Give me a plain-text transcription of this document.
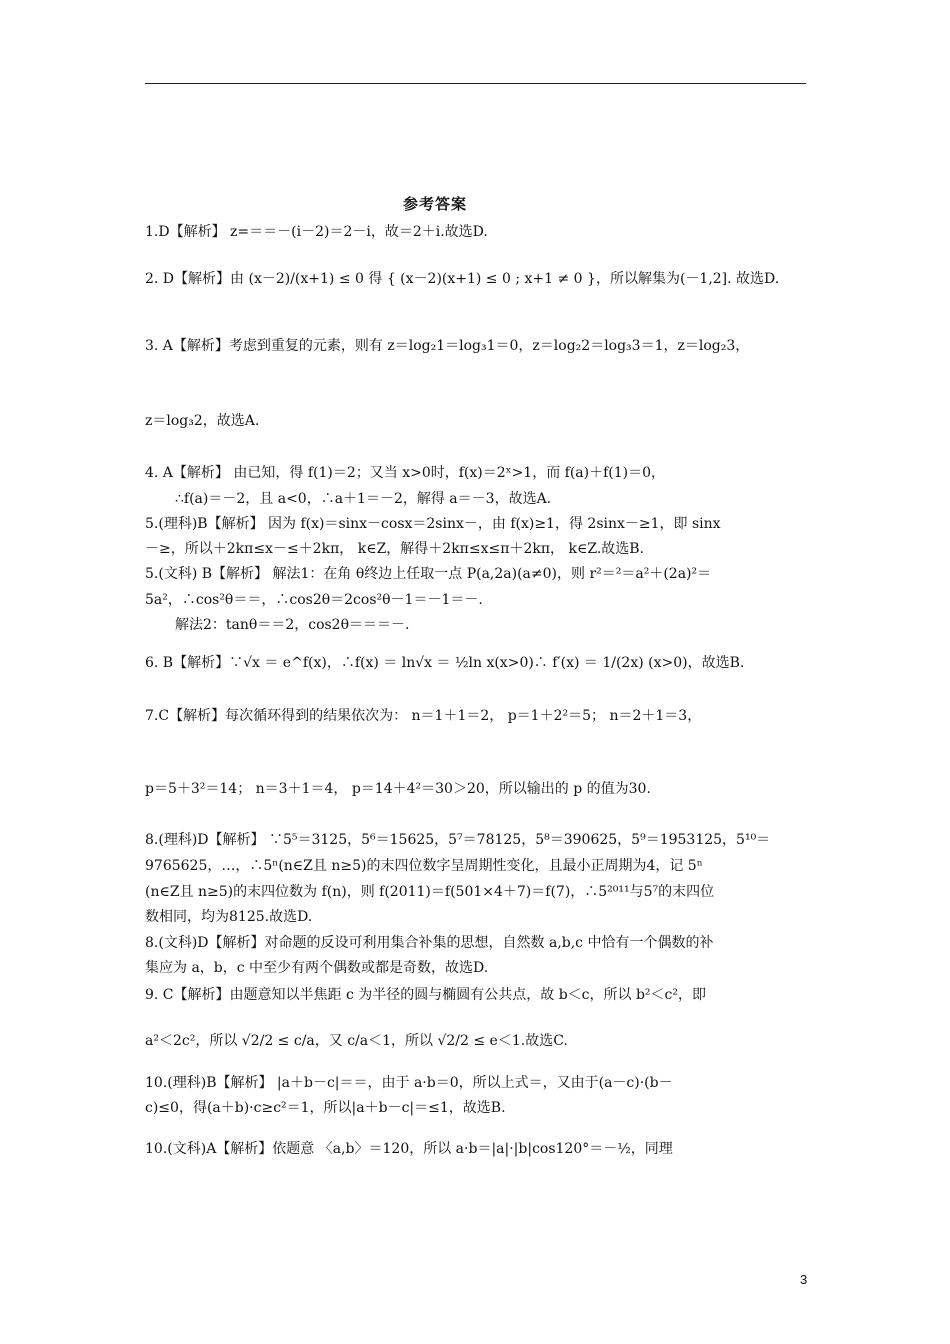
参考答案
1.D【解析】 z=＝＝－(i－2)＝2－i，故＝2＋i.故选D.
2. D【解析】由 (x－2)/(x+1) ≤ 0 得 { (x－2)(x+1) ≤ 0 ; x+1 ≠ 0 }，所以解集为(－1,2]. 故选D.
3. A【解析】考虑到重复的元素，则有 z＝log₂1＝log₃1＝0，z＝log₂2＝log₃3＝1，z＝log₂3，
z＝log₃2，故选A.
4. A【解析】 由已知，得 f(1)＝2；又当 x>0时，f(x)＝2ˣ>1，而 f(a)＋f(1)＝0，
∴f(a)＝－2，且 a<0，∴a＋1＝－2，解得 a＝－3，故选A.
5.(理科)B【解析】 因为 f(x)＝sinx－cosx＝2sinx－，由 f(x)≥1，得 2sinx－≥1，即 sinx
－≥，所以＋2kπ≤x－≤＋2kπ， k∈Z，解得＋2kπ≤x≤π＋2kπ， k∈Z.故选B.
5.(文科) B【解析】 解法1：在角 θ终边上任取一点 P(a,2a)(a≠0)，则 r²＝²＝a²＋(2a)²＝
5a²，∴cos²θ＝＝，∴cos2θ＝2cos²θ－1＝－1＝－.
解法2：tanθ＝＝2，cos2θ＝＝＝－.
6. B【解析】∵√x ＝ e^f(x)，∴f(x) ＝ ln√x ＝ ½ln x(x>0)∴ f′(x) ＝ 1/(2x) (x>0)，故选B.
7.C【解析】每次循环得到的结果依次为： n＝1＋1＝2， p＝1＋2²＝5； n＝2＋1＝3，
p＝5＋3²＝14； n＝3＋1＝4， p＝14＋4²＝30＞20，所以输出的 p 的值为30.
8.(理科)D【解析】 ∵5⁵＝3125，5⁶＝15625，5⁷＝78125，5⁸＝390625，5⁹＝1953125，5¹⁰＝
9765625，…，∴5ⁿ(n∈Z且 n≥5)的末四位数字呈周期性变化，且最小正周期为4，记 5ⁿ
(n∈Z且 n≥5)的末四位数为 f(n)，则 f(2011)＝f(501×4＋7)＝f(7)，∴5²⁰¹¹与5⁷的末四位
数相同，均为8125.故选D.
8.(文科)D【解析】对命题的反设可利用集合补集的思想，自然数 a,b,c 中恰有一个偶数的补
集应为 a，b，c 中至少有两个偶数或都是奇数，故选D.
9. C【解析】由题意知以半焦距 c 为半径的圆与椭圆有公共点，故 b＜c，所以 b²＜c²，即
a²＜2c²，所以 √2/2 ≤ c/a，又 c/a＜1，所以 √2/2 ≤ e＜1.故选C.
10.(理科)B【解析】 |a＋b－c|＝＝，由于 a·b＝0，所以上式＝，又由于(a－c)·(b－
c)≤0，得(a＋b)·c≥c²＝1，所以|a＋b－c|＝≤1，故选B.
10.(文科)A【解析】依题意 〈a,b〉＝120，所以 a·b＝|a|·|b|cos120°＝－½，同理
3
